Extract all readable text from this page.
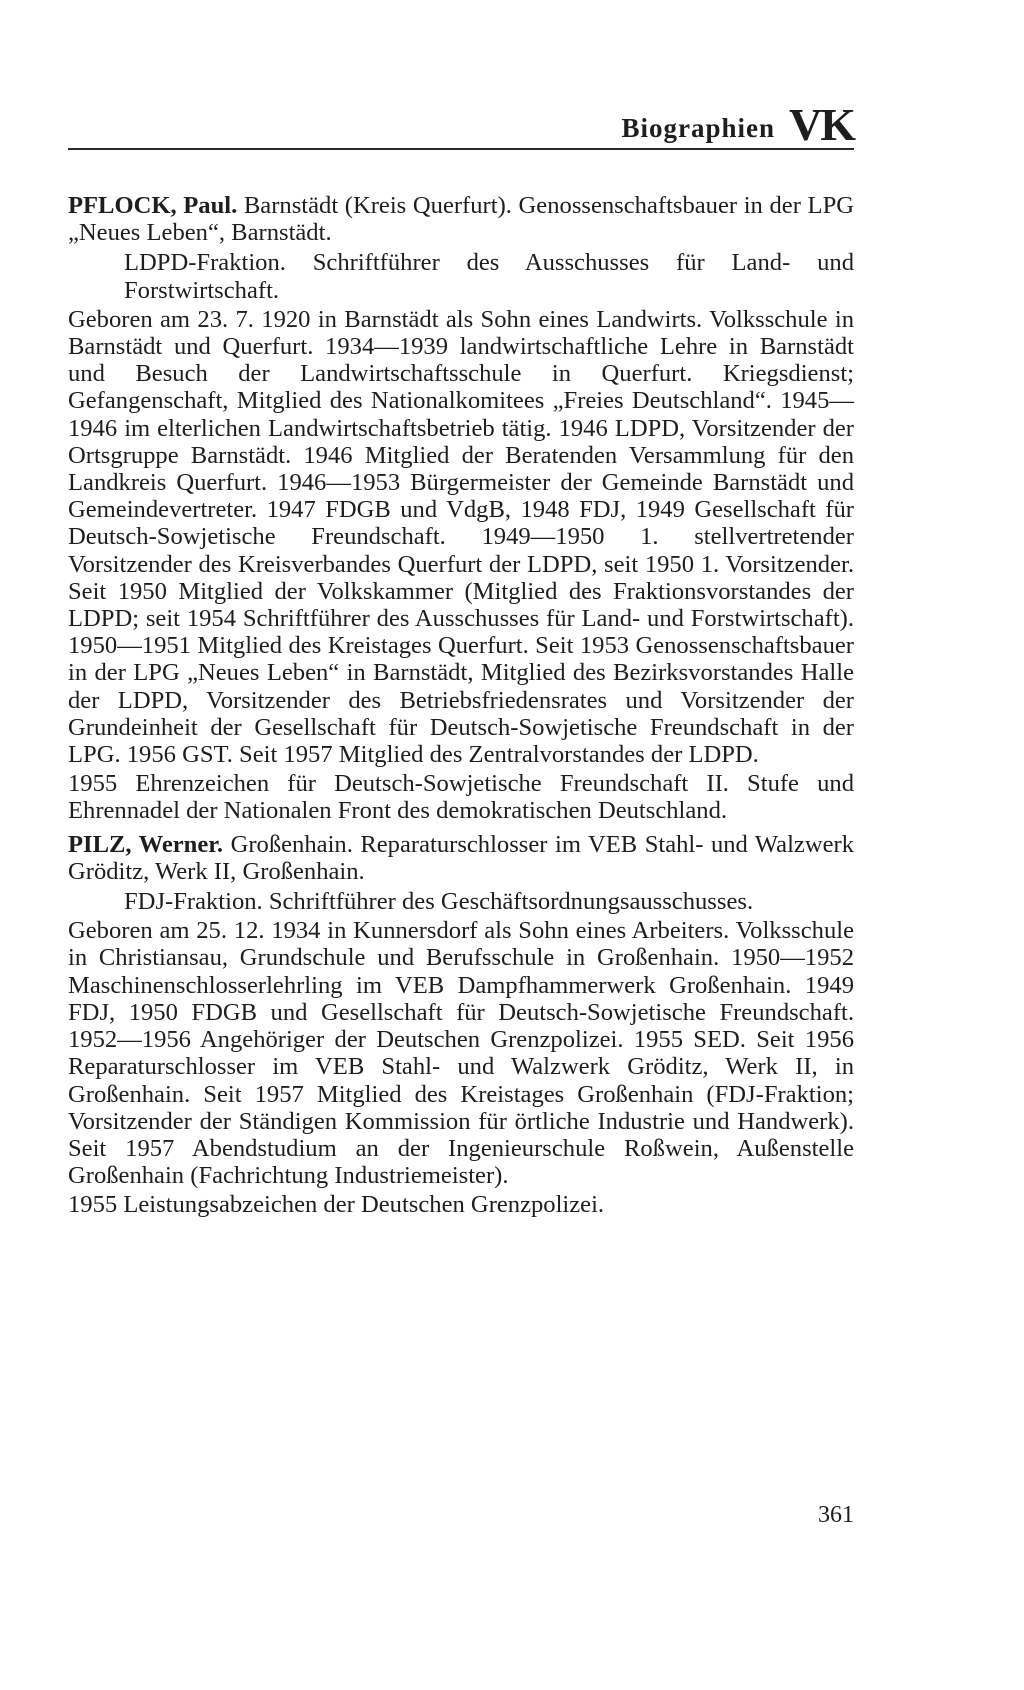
Biographien VK

PFLOCK, Paul. Barnstädt (Kreis Querfurt). Genossenschaftsbauer in der LPG „Neues Leben“, Barnstädt.

LDPD-Fraktion. Schriftführer des Ausschusses für Land- und Forstwirtschaft.

Geboren am 23. 7. 1920 in Barnstädt als Sohn eines Landwirts. Volksschule in Barnstädt und Querfurt. 1934—1939 landwirtschaftliche Lehre in Barnstädt und Besuch der Landwirtschaftsschule in Querfurt. Kriegsdienst; Gefangenschaft, Mitglied des Nationalkomitees „Freies Deutschland“. 1945—1946 im elterlichen Landwirtschaftsbetrieb tätig. 1946 LDPD, Vorsitzender der Ortsgruppe Barnstädt. 1946 Mitglied der Beratenden Versammlung für den Landkreis Querfurt. 1946—1953 Bürgermeister der Gemeinde Barnstädt und Gemeindevertreter. 1947 FDGB und VdgB, 1948 FDJ, 1949 Gesellschaft für Deutsch-Sowjetische Freundschaft. 1949—1950 1. stellvertretender Vorsitzender des Kreisverbandes Querfurt der LDPD, seit 1950 1. Vorsitzender. Seit 1950 Mitglied der Volkskammer (Mitglied des Fraktionsvorstandes der LDPD; seit 1954 Schriftführer des Ausschusses für Land- und Forstwirtschaft). 1950—1951 Mitglied des Kreistages Querfurt. Seit 1953 Genossenschaftsbauer in der LPG „Neues Leben“ in Barnstädt, Mitglied des Bezirksvorstandes Halle der LDPD, Vorsitzender des Betriebsfriedensrates und Vorsitzender der Grundeinheit der Gesellschaft für Deutsch-Sowjetische Freundschaft in der LPG. 1956 GST. Seit 1957 Mitglied des Zentralvorstandes der LDPD.

1955 Ehrenzeichen für Deutsch-Sowjetische Freundschaft II. Stufe und Ehrennadel der Nationalen Front des demokratischen Deutschland.

PILZ, Werner. Großenhain. Reparaturschlosser im VEB Stahl- und Walzwerk Gröditz, Werk II, Großenhain.

FDJ-Fraktion. Schriftführer des Geschäftsordnungsausschusses.

Geboren am 25. 12. 1934 in Kunnersdorf als Sohn eines Arbeiters. Volksschule in Christiansau, Grundschule und Berufsschule in Großenhain. 1950—1952 Maschinenschlosserlehrling im VEB Dampfhammerwerk Großenhain. 1949 FDJ, 1950 FDGB und Gesellschaft für Deutsch-Sowjetische Freundschaft. 1952—1956 Angehöriger der Deutschen Grenzpolizei. 1955 SED. Seit 1956 Reparaturschlosser im VEB Stahl- und Walzwerk Gröditz, Werk II, in Großenhain. Seit 1957 Mitglied des Kreistages Großenhain (FDJ-Fraktion; Vorsitzender der Ständigen Kommission für örtliche Industrie und Handwerk). Seit 1957 Abendstudium an der Ingenieurschule Roßwein, Außenstelle Großenhain (Fachrichtung Industriemeister).

1955 Leistungsabzeichen der Deutschen Grenzpolizei.

361
